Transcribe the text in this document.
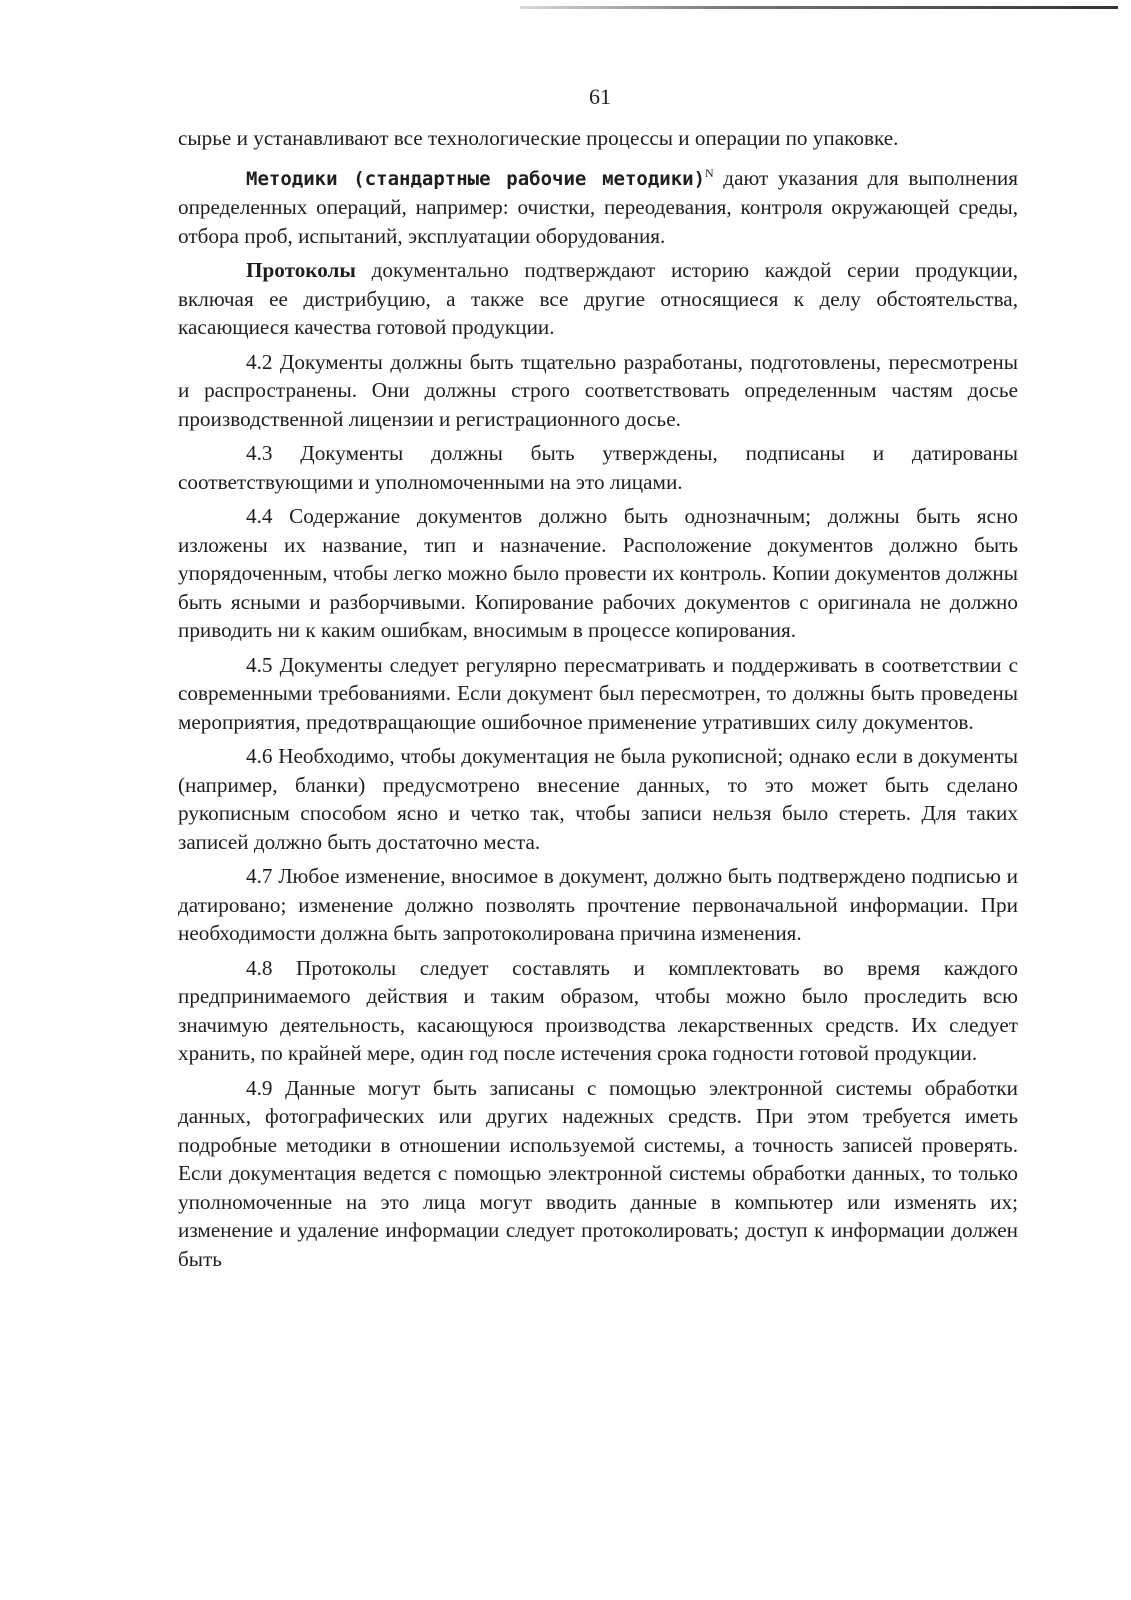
61

сырье и устанавливают все технологические процессы и операции по упаковке.

Методики (стандартные рабочие методики)$^N$ дают указания для выполнения определенных операций, например: очистки, переодевания, контроля окружающей среды, отбора проб, испытаний, эксплуатации оборудования.

Протоколы документально подтверждают историю каждой серии продукции, включая ее дистрибуцию, а также все другие относящиеся к делу обстоятельства, касающиеся качества готовой продукции.

4.2 Документы должны быть тщательно разработаны, подготовлены, пересмотрены и распространены. Они должны строго соответствовать определенным частям досье производственной лицензии и регистрационного досье.

4.3 Документы должны быть утверждены, подписаны и датированы соответствующими и уполномоченными на это лицами.

4.4 Содержание документов должно быть однозначным; должны быть ясно изложены их название, тип и назначение. Расположение документов должно быть упорядоченным, чтобы легко можно было провести их контроль. Копии документов должны быть ясными и разборчивыми. Копирование рабочих документов с оригинала не должно приводить ни к каким ошибкам, вносимым в процессе копирования.

4.5 Документы следует регулярно пересматривать и поддерживать в соответствии с современными требованиями. Если документ был пересмотрен, то должны быть проведены мероприятия, предотвращающие ошибочное применение утративших силу документов.

4.6 Необходимо, чтобы документация не была рукописной; однако если в документы (например, бланки) предусмотрено внесение данных, то это может быть сделано рукописным способом ясно и четко так, чтобы записи нельзя было стереть. Для таких записей должно быть достаточно места.

4.7 Любое изменение, вносимое в документ, должно быть подтверждено подписью и датировано; изменение должно позволять прочтение первоначальной информации. При необходимости должна быть запротоколирована причина изменения.

4.8 Протоколы следует составлять и комплектовать во время каждого предпринимаемого действия и таким образом, чтобы можно было проследить всю значимую деятельность, касающуюся производства лекарственных средств. Их следует хранить, по крайней мере, один год после истечения срока годности готовой продукции.

4.9 Данные могут быть записаны с помощью электронной системы обработки данных, фотографических или других надежных средств. При этом требуется иметь подробные методики в отношении используемой системы, а точность записей проверять. Если документация ведется с помощью электронной системы обработки данных, то только уполномоченные на это лица могут вводить данные в компьютер или изменять их; изменение и удаление информации следует протоколировать; доступ к информации должен быть
